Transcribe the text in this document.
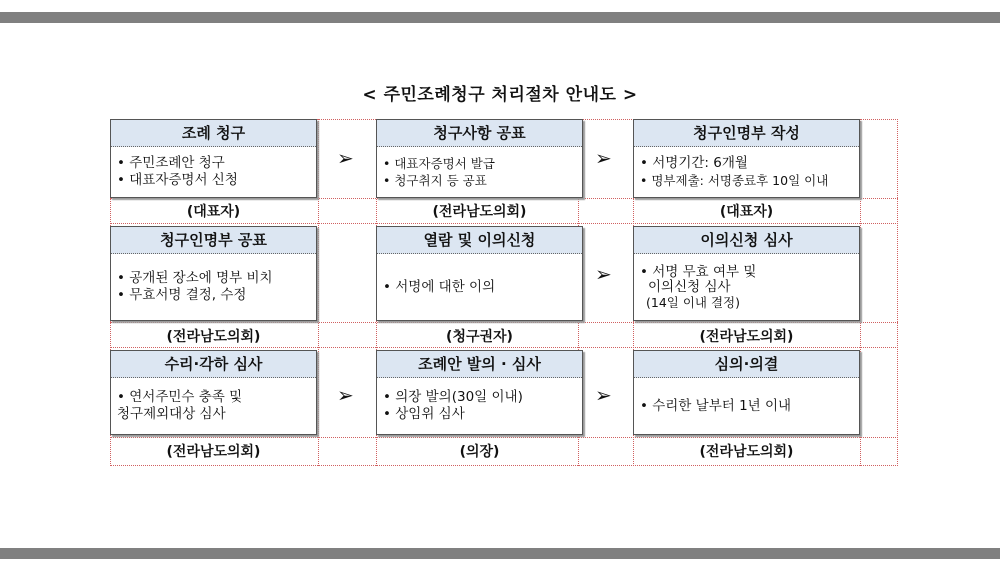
< 주민조례청구 처리절차 안내도 >
조례 청구
• 주민조례안 청구
• 대표자증명서 신청
청구사항 공표
• 대표자증명서 발급
• 청구취지 등 공표
청구인명부 작성
• 서명기간: 6개월
• 명부제출: 서명종료후 10일 이내
(대표자)	(전라남도의회)	(대표자)
청구인명부 공표
• 공개된 장소에 명부 비치
• 무효서명 결정, 수정
열람 및 이의신청
• 서명에 대한 이의
이의신청 심사
• 서명 무효 여부 및
이의신청 심사
(14일 이내 결정)
(전라남도의회)	(청구권자)	(전라남도의회)
수리·각하 심사
• 연서주민수 충족 및
청구제외대상 심사
조례안 발의 · 심사
• 의장 발의(30일 이내)
• 상임위 심사
심의·의결
• 수리한 날부터 1년 이내
(전라남도의회)	(의장)	(전라남도의회)
➢	➢
➢
➢	➢
